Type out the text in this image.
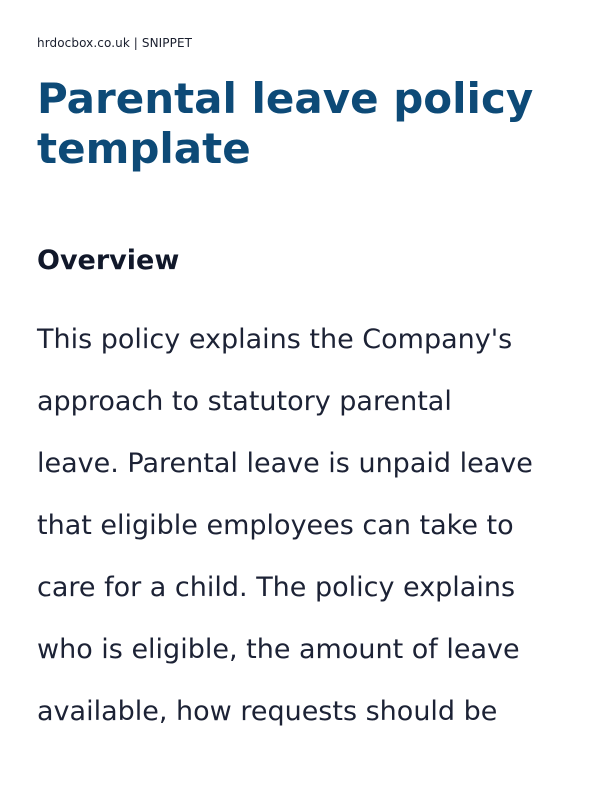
hrdocbox.co.uk | SNIPPET
Parental leave policy
template
Overview
This policy explains the Company's
approach to statutory parental
leave. Parental leave is unpaid leave
that eligible employees can take to
care for a child. The policy explains
who is eligible, the amount of leave
available, how requests should be
